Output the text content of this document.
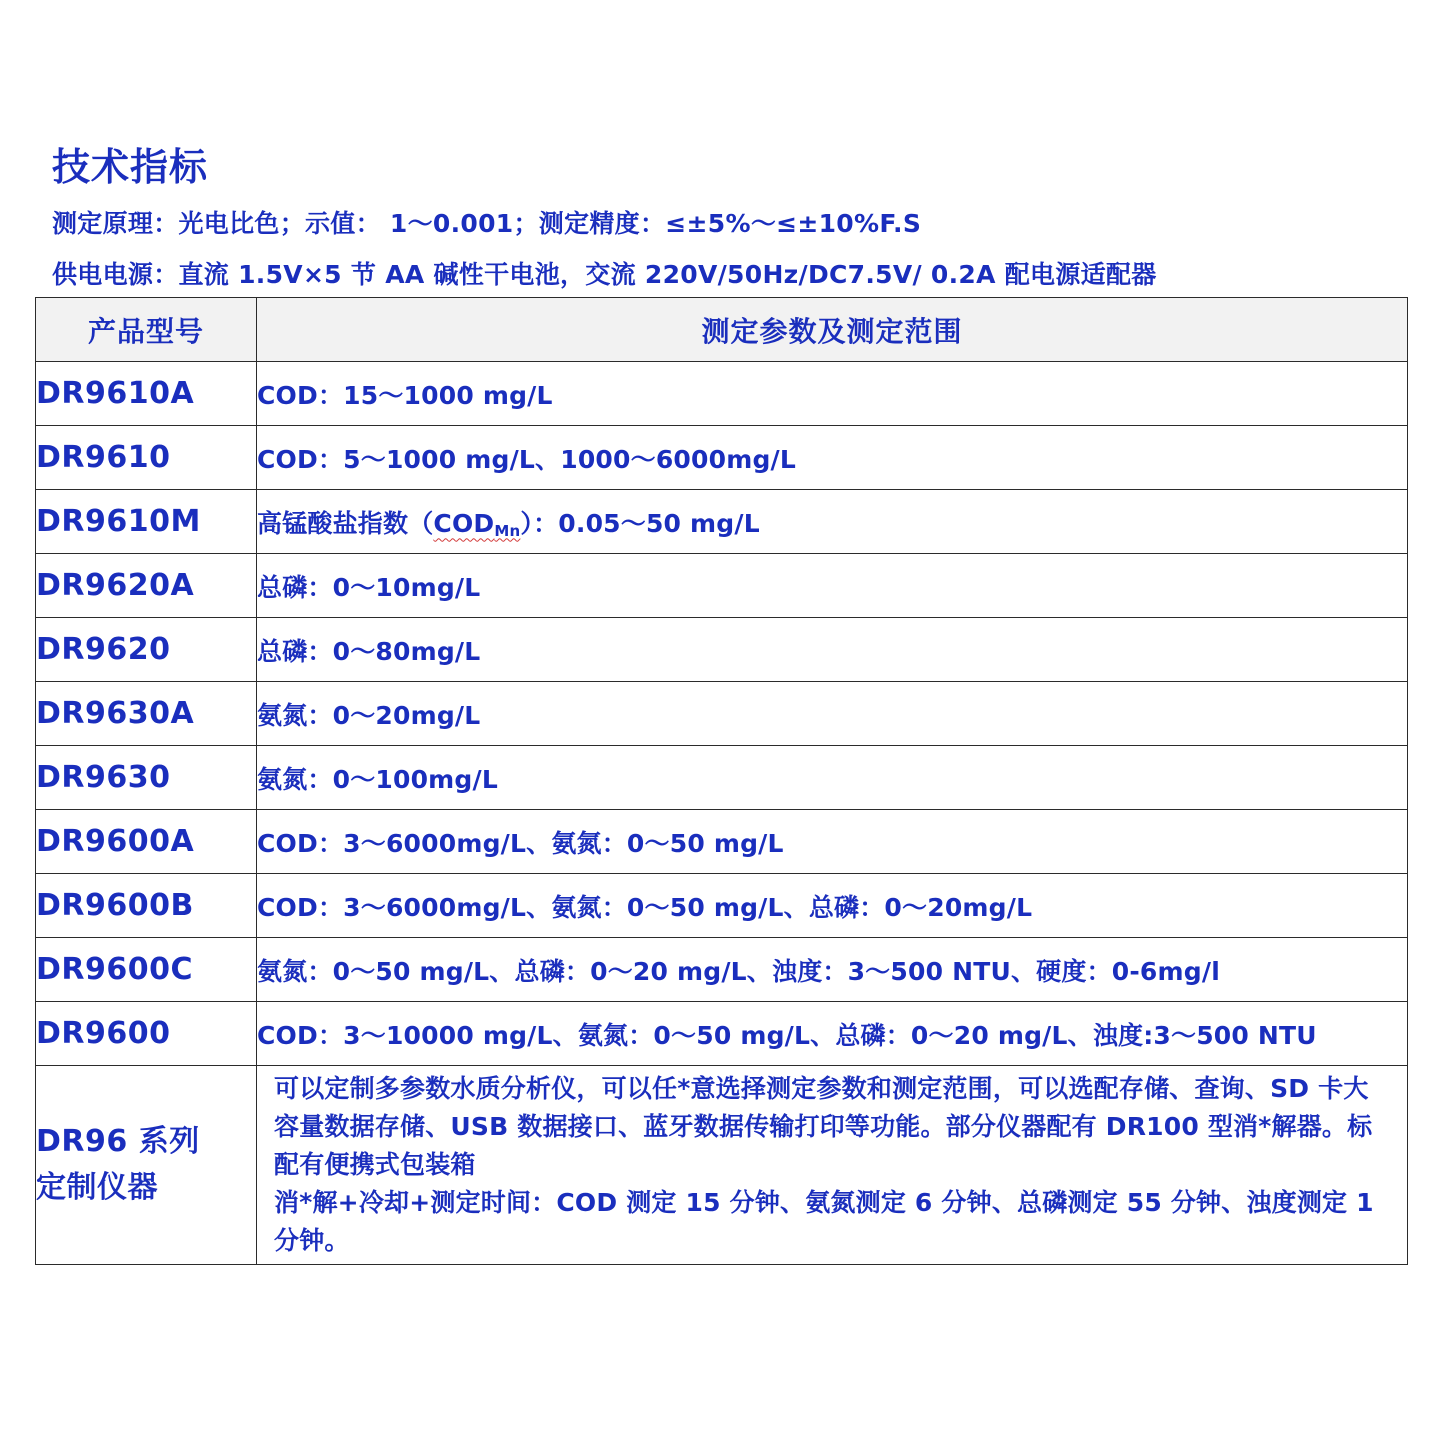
技术指标
测定原理：光电比色；示值： 1～0.001；测定精度：≤±5%～≤±10%F.S
供电电源：直流 1.5V×5 节 AA 碱性干电池，交流 220V/50Hz/DC7.5V/ 0.2A 配电源适配器
产品型号	测定参数及测定范围
DR9610A	COD：15～1000 mg/L
DR9610	COD：5～1000 mg/L、1000～6000mg/L
DR9610M	高锰酸盐指数$(COD_{Mn})$：0.05～50 mg/L
DR9620A	总磷：0～10mg/L
DR9620	总磷：0～80mg/L
DR9630A	氨氮：0～20mg/L
DR9630	氨氮：0～100mg/L
DR9600A	COD：3～6000mg/L、氨氮：0～50 mg/L
DR9600B	COD：3～6000mg/L、氨氮：0～50 mg/L、总磷：0～20mg/L
DR9600C	氨氮：0～50 mg/L、总磷：0～20 mg/L、浊度：3～500 NTU、硬度：0-6mg/l
DR9600	COD：3～10000 mg/L、氨氮：0～50 mg/L、总磷：0～20 mg/L、浊度:3～500 NTU

DR96 系列
定制仪器	可以定制多参数水质分析仪，可以任*意选择测定参数和测定范围，可以选配存储、查询、SD 卡大容量数据存储、USB 数据接口、蓝牙数据传输打印等功能。部分仪器配有 DR100 型消*解器。标配有便携式包装箱
消*解+冷却+测定时间：COD 测定 15 分钟、氨氮测定 6 分钟、总磷测定 55 分钟、浊度测定 1 分钟。
